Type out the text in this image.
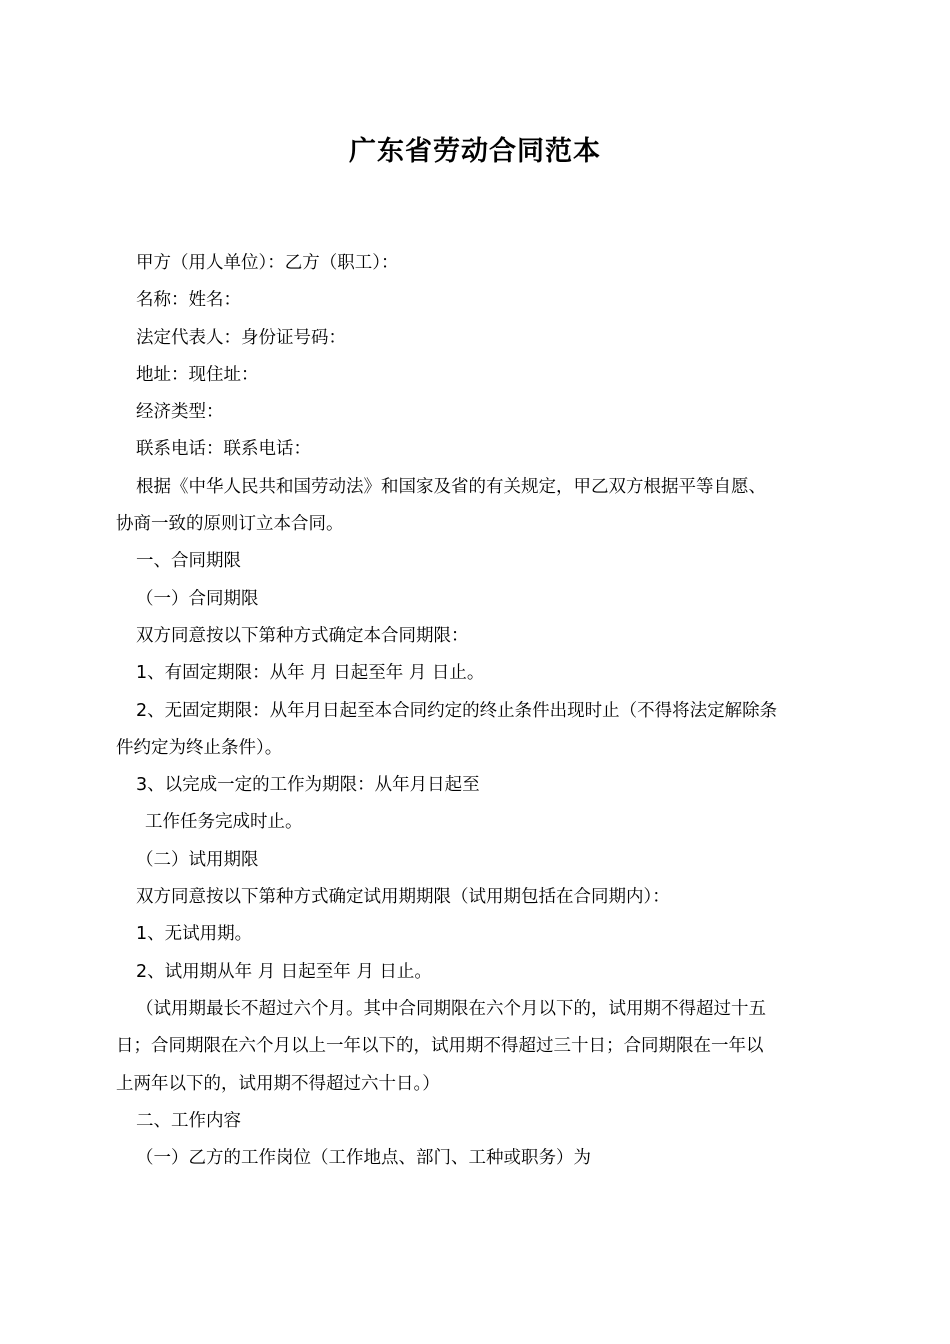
广东省劳动合同范本
甲方（用人单位）：乙方（职工）：
名称：姓名：
法定代表人：身份证号码：
地址：现住址：
经济类型：
联系电话：联系电话：
根据《中华人民共和国劳动法》和国家及省的有关规定，甲乙双方根据平等自愿、
协商一致的原则订立本合同。
一、合同期限
（一）合同期限
双方同意按以下第种方式确定本合同期限：
1、有固定期限：从年 月 日起至年 月 日止。
2、无固定期限：从年月日起至本合同约定的终止条件出现时止（不得将法定解除条
件约定为终止条件）。
3、以完成一定的工作为期限：从年月日起至
工作任务完成时止。
（二）试用期限
双方同意按以下第种方式确定试用期期限（试用期包括在合同期内）：
1、无试用期。
2、试用期从年 月 日起至年 月 日止。
（试用期最长不超过六个月。其中合同期限在六个月以下的，试用期不得超过十五
日；合同期限在六个月以上一年以下的，试用期不得超过三十日；合同期限在一年以
上两年以下的，试用期不得超过六十日。）
二、工作内容
（一）乙方的工作岗位（工作地点、部门、工种或职务）为
